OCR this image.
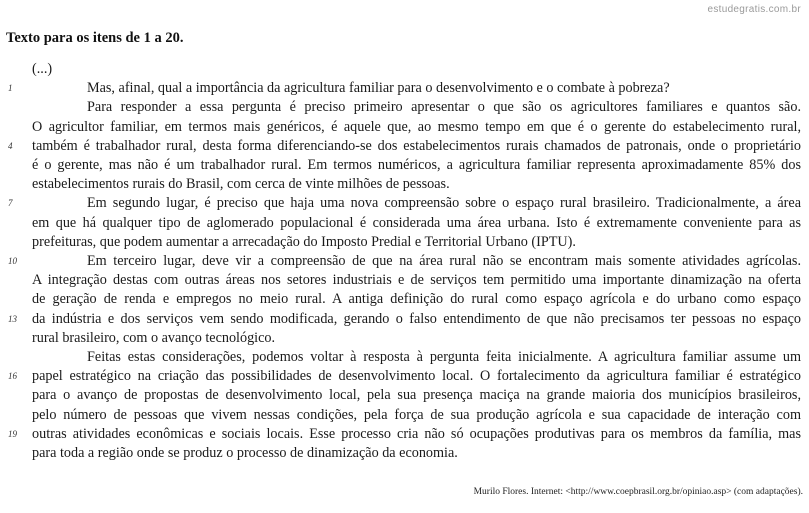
estudegratis.com.br
Texto para os itens de 1 a 20.
(...)
1	Mas, afinal, qual a importância da agricultura familiar para o desenvolvimento e o combate à pobreza?
Para responder a essa pergunta é preciso primeiro apresentar o que são os agricultores familiares e quantos são.
O agricultor familiar, em termos mais genéricos, é aquele que, ao mesmo tempo em que é o gerente do estabelecimento rural,
4 também é trabalhador rural, desta forma diferenciando-se dos estabelecimentos rurais chamados de patronais, onde o proprietário
é o gerente, mas não é um trabalhador rural. Em termos numéricos, a agricultura familiar representa aproximadamente 85% dos
estabelecimentos rurais do Brasil, com cerca de vinte milhões de pessoas.
7	Em segundo lugar, é preciso que haja uma nova compreensão sobre o espaço rural brasileiro. Tradicionalmente, a área
em que há qualquer tipo de aglomerado populacional é considerada uma área urbana. Isto é extremamente conveniente para as
prefeituras, que podem aumentar a arrecadação do Imposto Predial e Territorial Urbano (IPTU).
10	Em terceiro lugar, deve vir a compreensão de que na área rural não se encontram mais somente atividades agrícolas.
A integração destas com outras áreas nos setores industriais e de serviços tem permitido uma importante dinamização na oferta
de geração de renda e empregos no meio rural. A antiga definição do rural como espaço agrícola e do urbano como espaço
13 da indústria e dos serviços vem sendo modificada, gerando o falso entendimento de que não precisamos ter pessoas no espaço
rural brasileiro, com o avanço tecnológico.
Feitas estas considerações, podemos voltar à resposta à pergunta feita inicialmente. A agricultura familiar assume um
16 papel estratégico na criação das possibilidades de desenvolvimento local. O fortalecimento da agricultura familiar é estratégico
para o avanço de propostas de desenvolvimento local, pela sua presença maciça na grande maioria dos municípios brasileiros,
pelo número de pessoas que vivem nessas condições, pela força de sua produção agrícola e sua capacidade de interação com
19 outras atividades econômicas e sociais locais. Esse processo cria não só ocupações produtivas para os membros da família, mas
para toda a região onde se produz o processo de dinamização da economia.
Murilo Flores. Internet: <http://www.coepbrasil.org.br/opiniao.asp> (com adaptações).
